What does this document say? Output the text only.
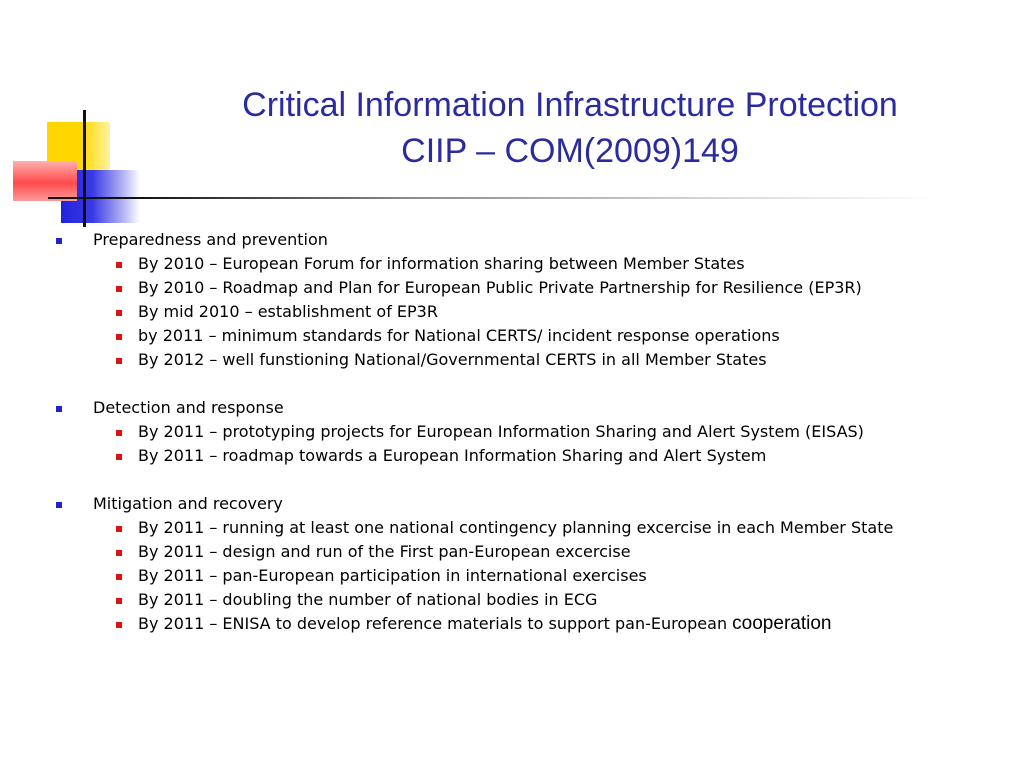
Critical Information Infrastructure Protection
CIIP – COM(2009)149
Preparedness and prevention
By 2010 – European Forum for information sharing between Member States
By 2010 – Roadmap and Plan for European Public Private Partnership for Resilience (EP3R)
By mid 2010 – establishment of EP3R
by 2011 – minimum standards for National CERTS/ incident response operations
By 2012 – well funstioning National/Governmental CERTS in all Member States
Detection and response
By 2011 – prototyping projects for European Information Sharing and Alert System (EISAS)
By 2011 – roadmap towards a European Information Sharing and Alert System
Mitigation and recovery
By 2011 – running at least one national contingency planning excercise in each Member State
By 2011 – design and run of the First pan-European excercise
By 2011 – pan-European participation in international exercises
By 2011 – doubling the number of national bodies in ECG
By 2011 – ENISA to develop reference materials to support pan-European cooperation
